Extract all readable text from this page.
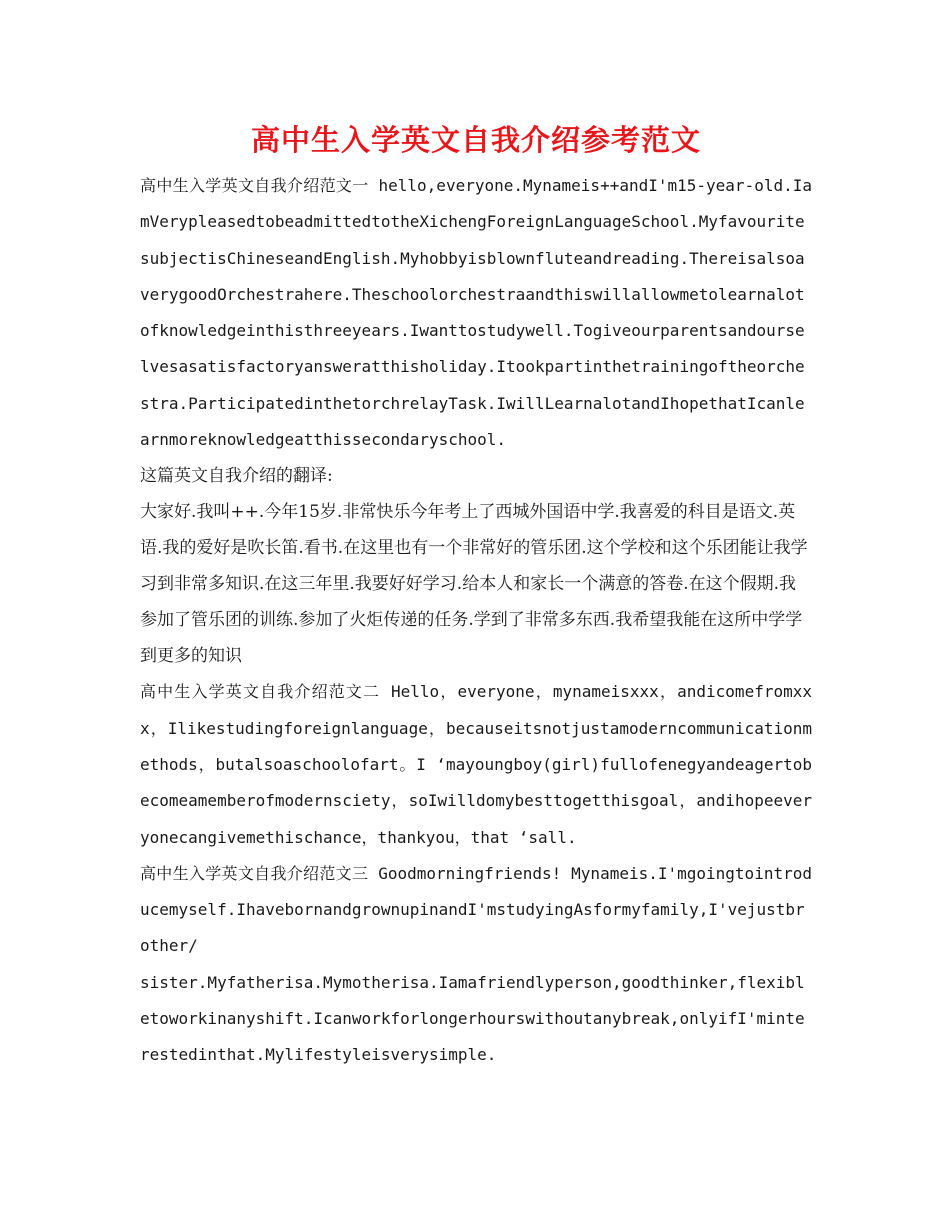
高中生入学英文自我介绍参考范文

高中生入学英文自我介绍范文一 hello,everyone.Mynameis++andI'm15-year-old.IamVerypleasedtobeadmittedtotheXichengForeignLanguageSchool.MyfavouritesubjectisChineseandEnglish.Myhobbyisblownfluteandreading.ThereisalsoaverygoodOrchestrahere.Theschoolorchestraandthiswillallowmetolearnalotofknowledgeinthisthreeyears.Iwanttostudywell.Togiveourparentsandourselvesasatisfactoryansweratthisholiday.Itookpartinthetrainingoftheorchestra.ParticipatedinthetorchrelayTask.IwillLearnalotandIhopethatIcanlearnmoreknowledgeatthissecondaryschool.

这篇英文自我介绍的翻译:

大家好.我叫++.今年15岁.非常快乐今年考上了西城外国语中学.我喜爱的科目是语文.英语.我的爱好是吹长笛.看书.在这里也有一个非常好的管乐团.这个学校和这个乐团能让我学习到非常多知识.在这三年里.我要好好学习.给本人和家长一个满意的答卷.在这个假期.我参加了管乐团的训练.参加了火炬传递的任务.学到了非常多东西.我希望我能在这所中学学到更多的知识

高中生入学英文自我介绍范文二 Hello，everyone，mynameisxxx，andicomefromxxx，Ilikestudingforeignlanguage，becauseitsnotjustamoderncommunicationmethods，butalsoaschoolofart。I ‘mayoungboy(girl)fullofenegyandeagertobecomeamemberofmodernsciety，soIwilldomybesttogetthisgoal，andihopeeveryonecangivemethischance，thankyou，that ‘sall.

高中生入学英文自我介绍范文三 Goodmorningfriends! Mynameis.I'mgoingtointroducemyself.IhavebornandgrownupinandI'mstudyingAsformyfamily,I'vejustbrother/

sister.Myfatherisa.Mymotherisa.Iamafriendlyperson,goodthinker,flexibletoworkinanyshift.Icanworkforlongerhourswithoutanybreak,onlyifI'minterestedinthat.Mylifestyleisverysimple.
